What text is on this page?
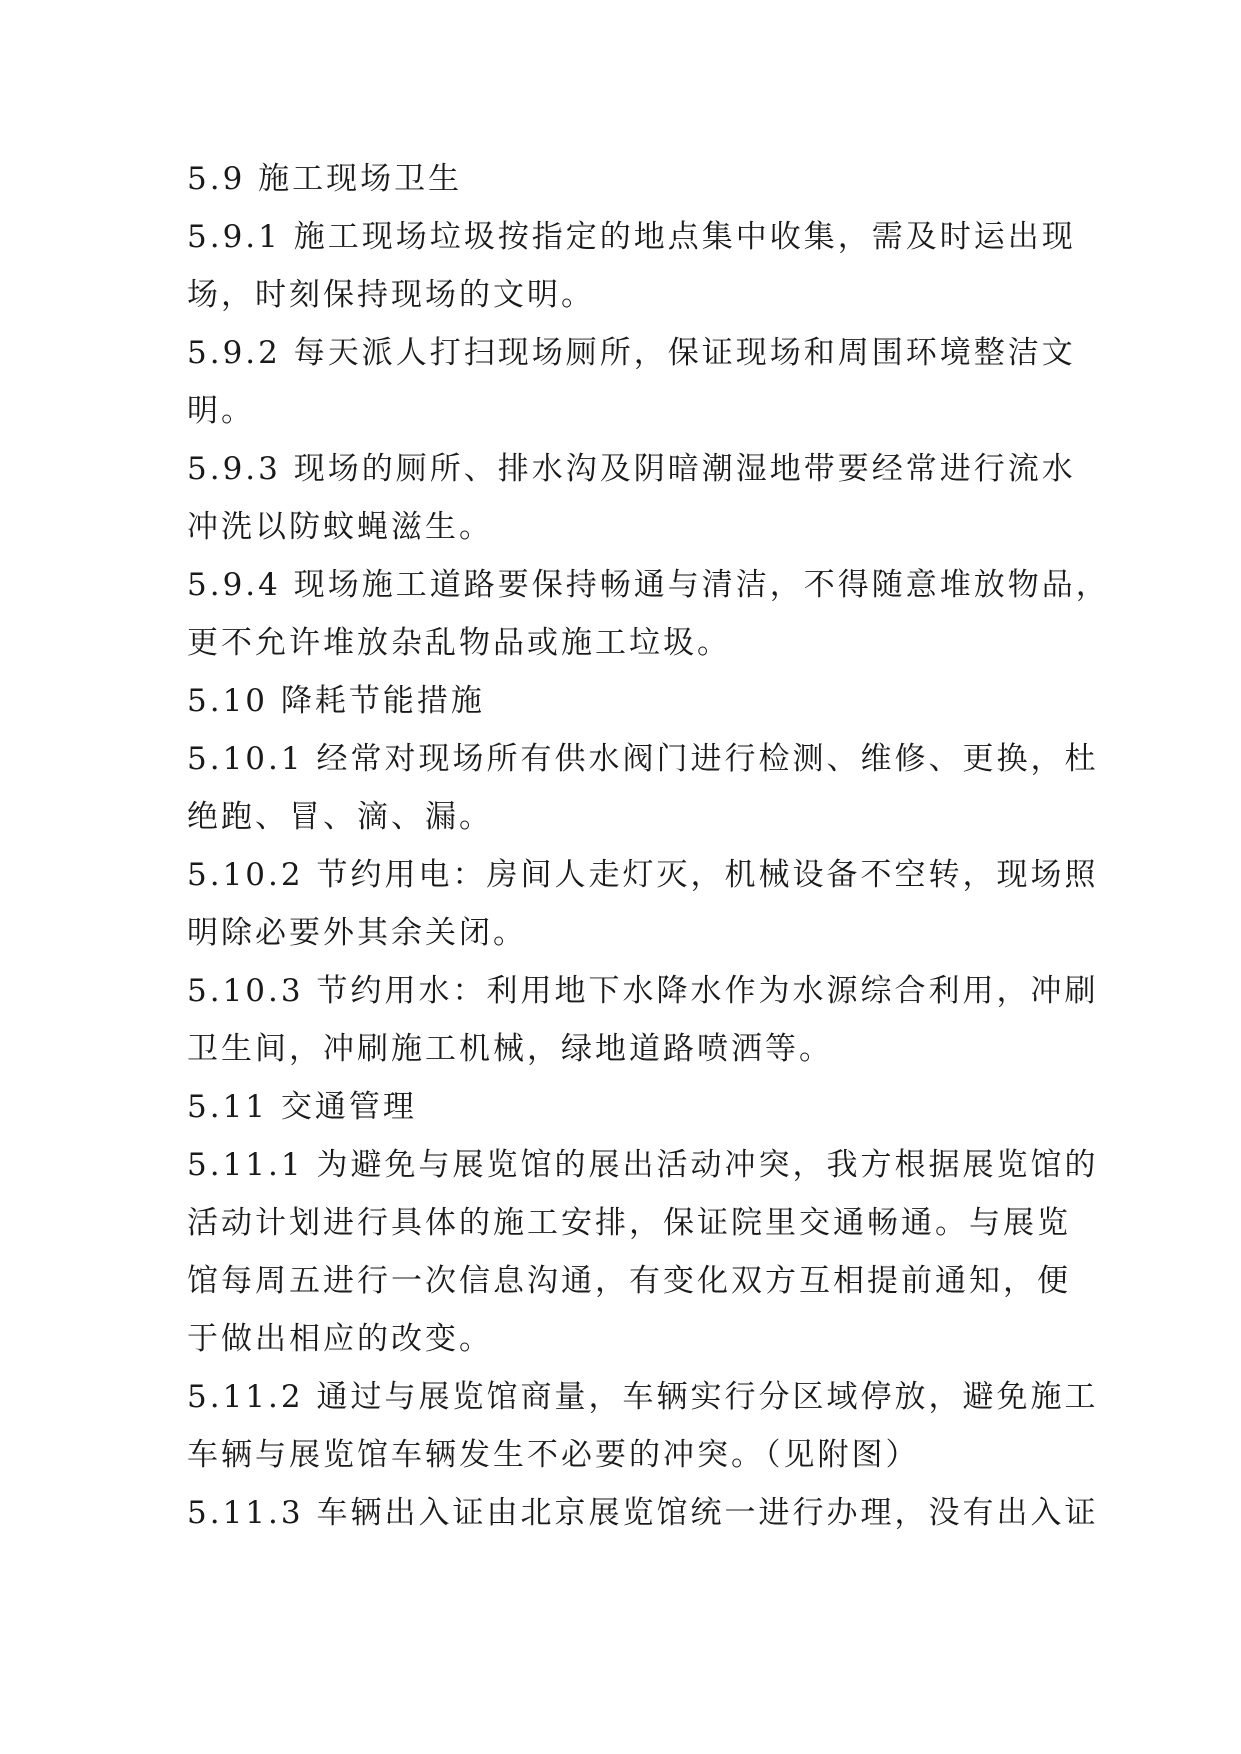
5.9 施工现场卫生
5.9.1 施工现场垃圾按指定的地点集中收集，需及时运出现
场，时刻保持现场的文明。
5.9.2 每天派人打扫现场厕所，保证现场和周围环境整洁文
明。
5.9.3 现场的厕所、排水沟及阴暗潮湿地带要经常进行流水
冲洗以防蚊蝇滋生。
5.9.4 现场施工道路要保持畅通与清洁，不得随意堆放物品，
更不允许堆放杂乱物品或施工垃圾。
5.10 降耗节能措施
5.10.1 经常对现场所有供水阀门进行检测、维修、更换，杜
绝跑、冒、滴、漏。
5.10.2 节约用电：房间人走灯灭，机械设备不空转，现场照
明除必要外其余关闭。
5.10.3 节约用水：利用地下水降水作为水源综合利用，冲刷
卫生间，冲刷施工机械，绿地道路喷洒等。
5.11 交通管理
5.11.1 为避免与展览馆的展出活动冲突，我方根据展览馆的
活动计划进行具体的施工安排，保证院里交通畅通。与展览
馆每周五进行一次信息沟通，有变化双方互相提前通知，便
于做出相应的改变。
5.11.2 通过与展览馆商量，车辆实行分区域停放，避免施工
车辆与展览馆车辆发生不必要的冲突。（见附图）
5.11.3 车辆出入证由北京展览馆统一进行办理，没有出入证
